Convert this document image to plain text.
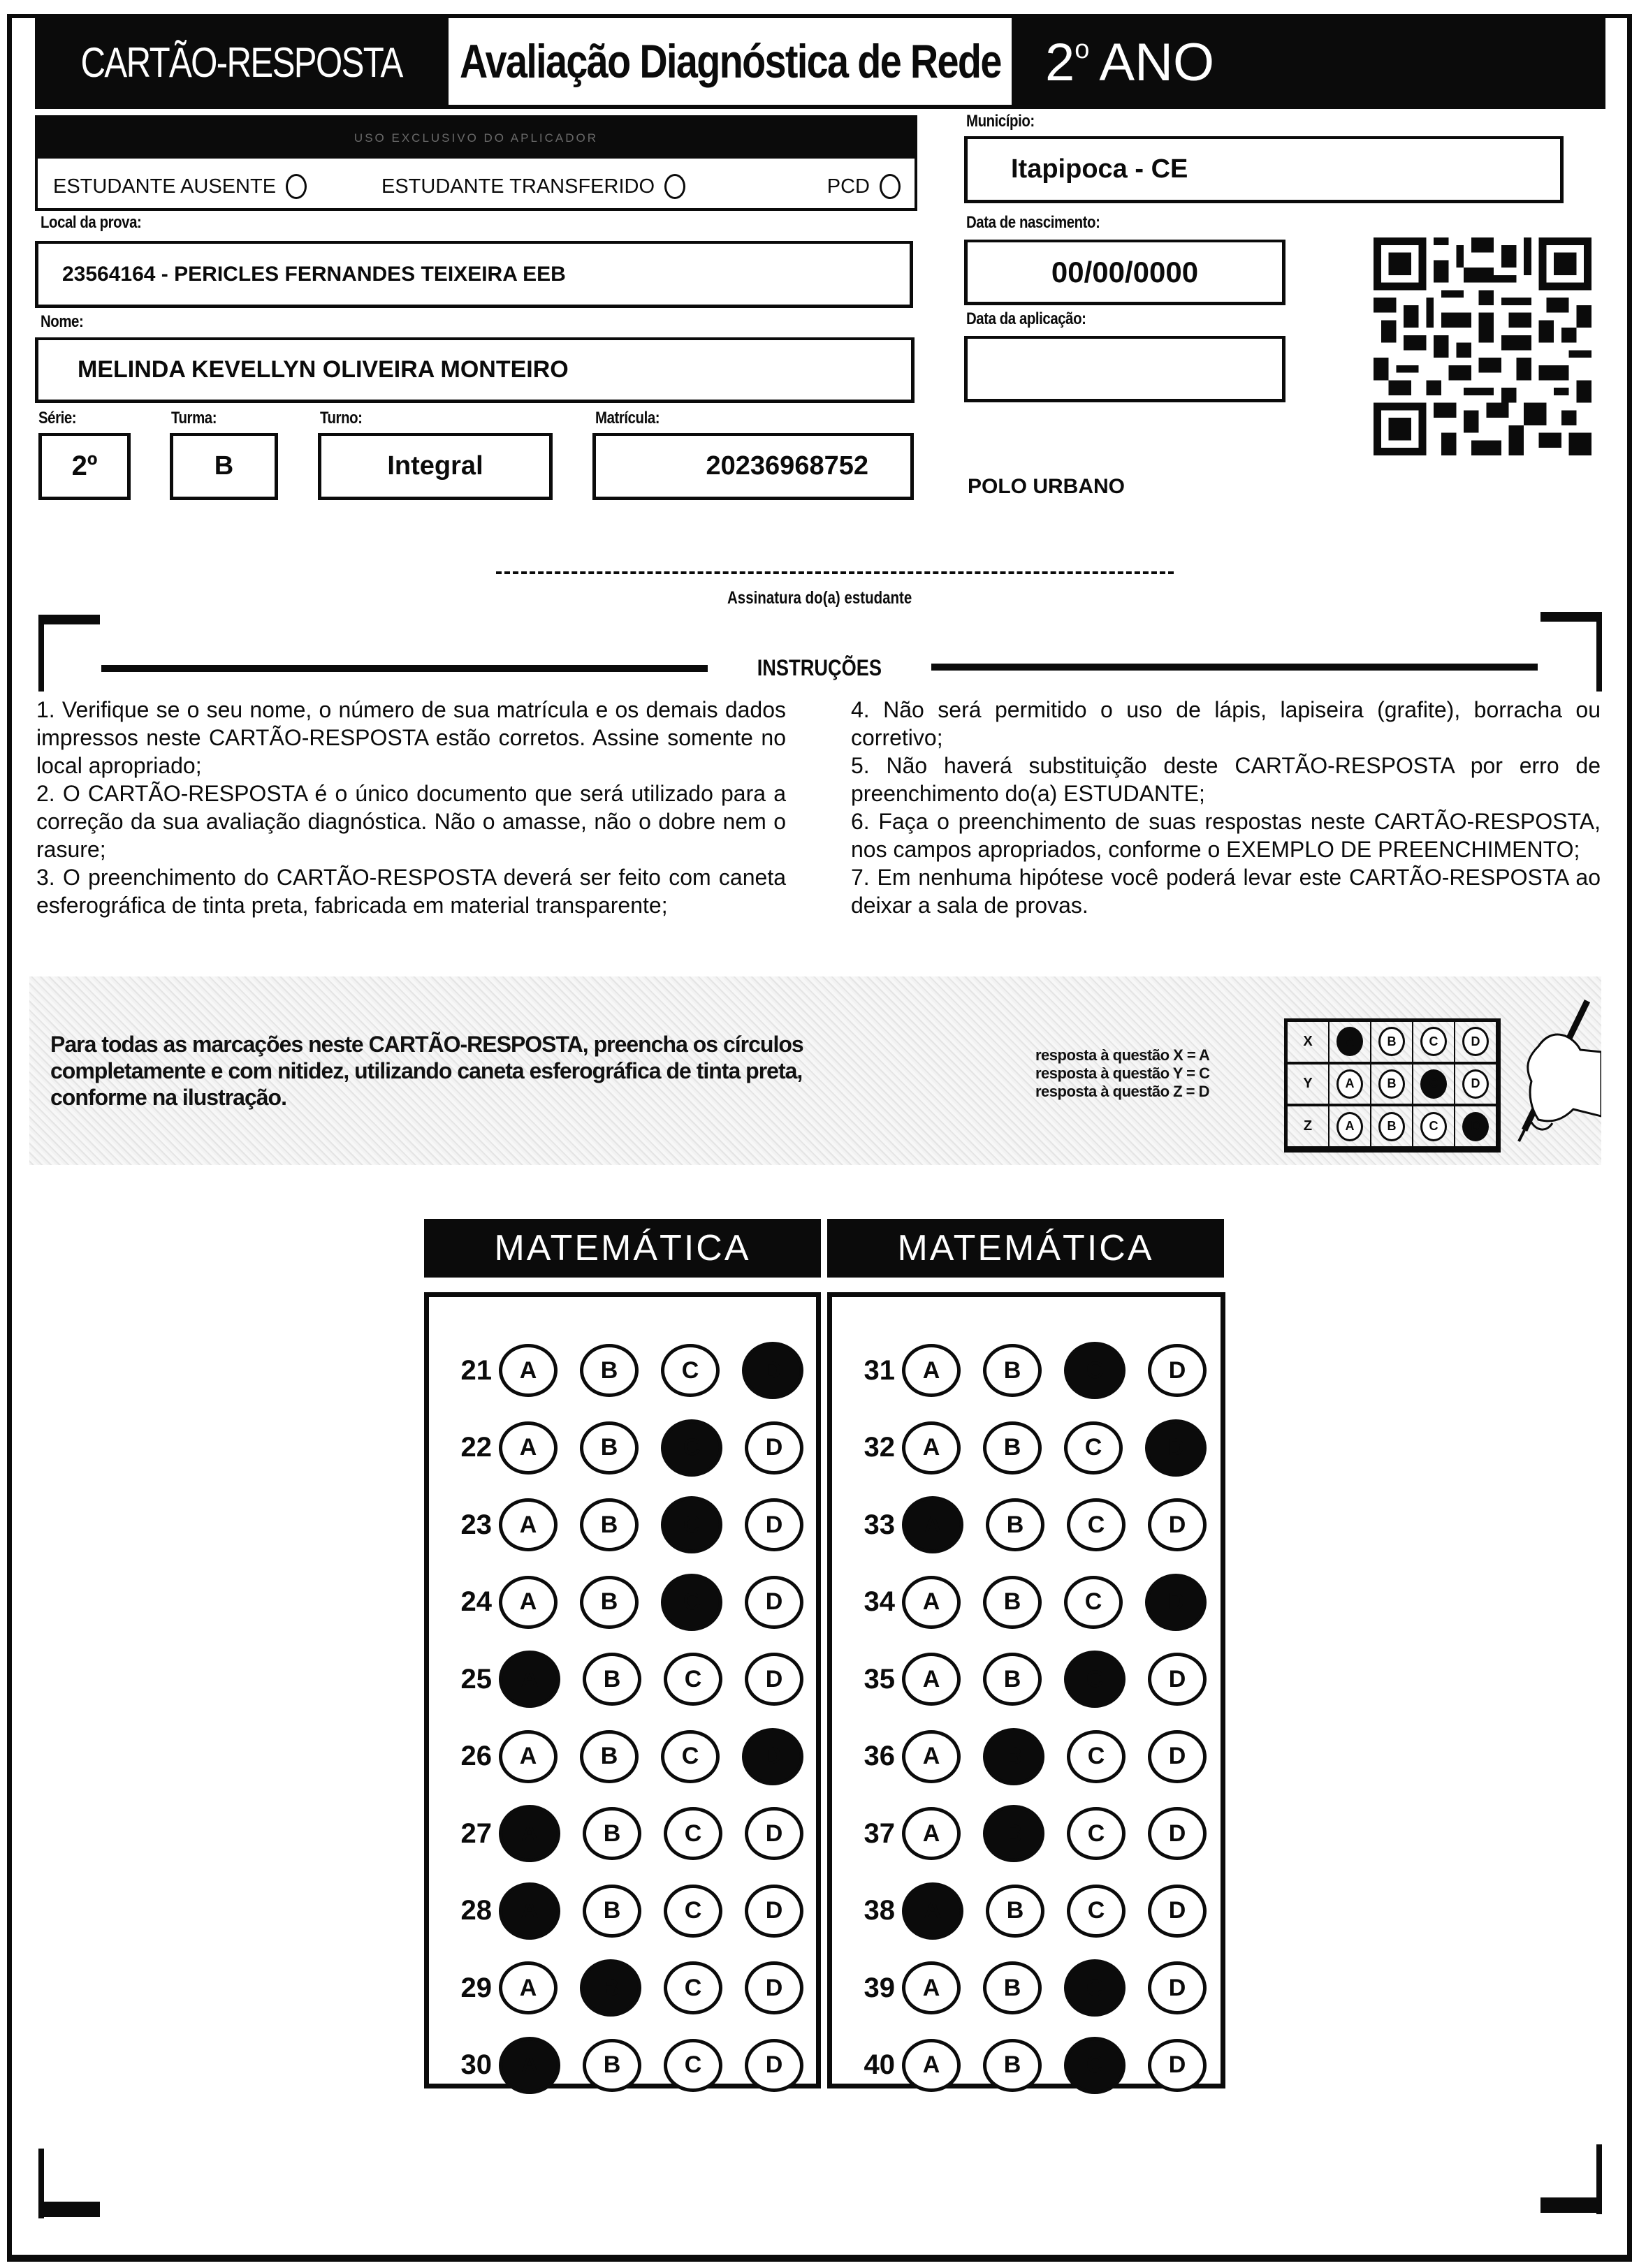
CARTÃO-RESPOSTA Avaliação Diagnóstica de Rede 2$^o$ ANO
USO EXCLUSIVO DO APLICADOR
ESTUDANTE AUSENTE	ESTUDANTE TRANSFERIDO	PCD
Município:
Itapipoca - CE
Local da prova:
23564164 - PERICLES FERNANDES TEIXEIRA EEB
Data de nascimento:
00/00/0000
Nome:
MELINDA KEVELLYN OLIVEIRA MONTEIRO
Data da aplicação:
Série:
2º
Turma:
B
Turno:
Integral
Matrícula:
20236968752
POLO URBANO
Assinatura do(a) estudante
INSTRUÇÕES

1. Verifique se o seu nome, o número de sua matrícula e os demais dados impressos neste CARTÃO-RESPOSTA estão corretos. Assine somente no local apropriado;

2. O CARTÃO-RESPOSTA é o único documento que será utilizado para a correção da sua avaliação diagnóstica. Não o amasse, não o dobre nem o rasure;

3. O preenchimento do CARTÃO-RESPOSTA deverá ser feito com caneta esferográfica de tinta preta, fabricada em material transparente;

4. Não será permitido o uso de lápis, lapiseira (grafite), borracha ou corretivo;

5. Não haverá substituição deste CARTÃO-RESPOSTA por erro de preenchimento do(a) ESTUDANTE;

6. Faça o preenchimento de suas respostas neste CARTÃO-RESPOSTA, nos campos apropriados, conforme o EXEMPLO DE PREENCHIMENTO;

7. Em nenhuma hipótese você poderá levar este CARTÃO-RESPOSTA ao deixar a sala de provas.

Para todas as marcações neste CARTÃO-RESPOSTA, preencha os círculos completamente e com nitidez, utilizando caneta esferográfica de tinta preta, conforme na ilustração.
resposta à questão X = A
resposta à questão Y = C
resposta à questão Z = D
X	A	B	C	D
Y	A	B	C	D
Z	A	B	C	D
MATEMÁTICA	MATEMÁTICA
21	A	B	C	D
22	A	B	C	D
23	A	B	C	D
24	A	B	C	D
25	A	B	C	D
26	A	B	C	D
27	A	B	C	D
28	A	B	C	D
29	A	B	C	D
30	A	B	C	D
31	A	B	C	D
32	A	B	C	D
33	A	B	C	D
34	A	B	C	D
35	A	B	C	D
36	A	B	C	D
37	A	B	C	D
38	A	B	C	D
39	A	B	C	D
40	A	B	C	D
